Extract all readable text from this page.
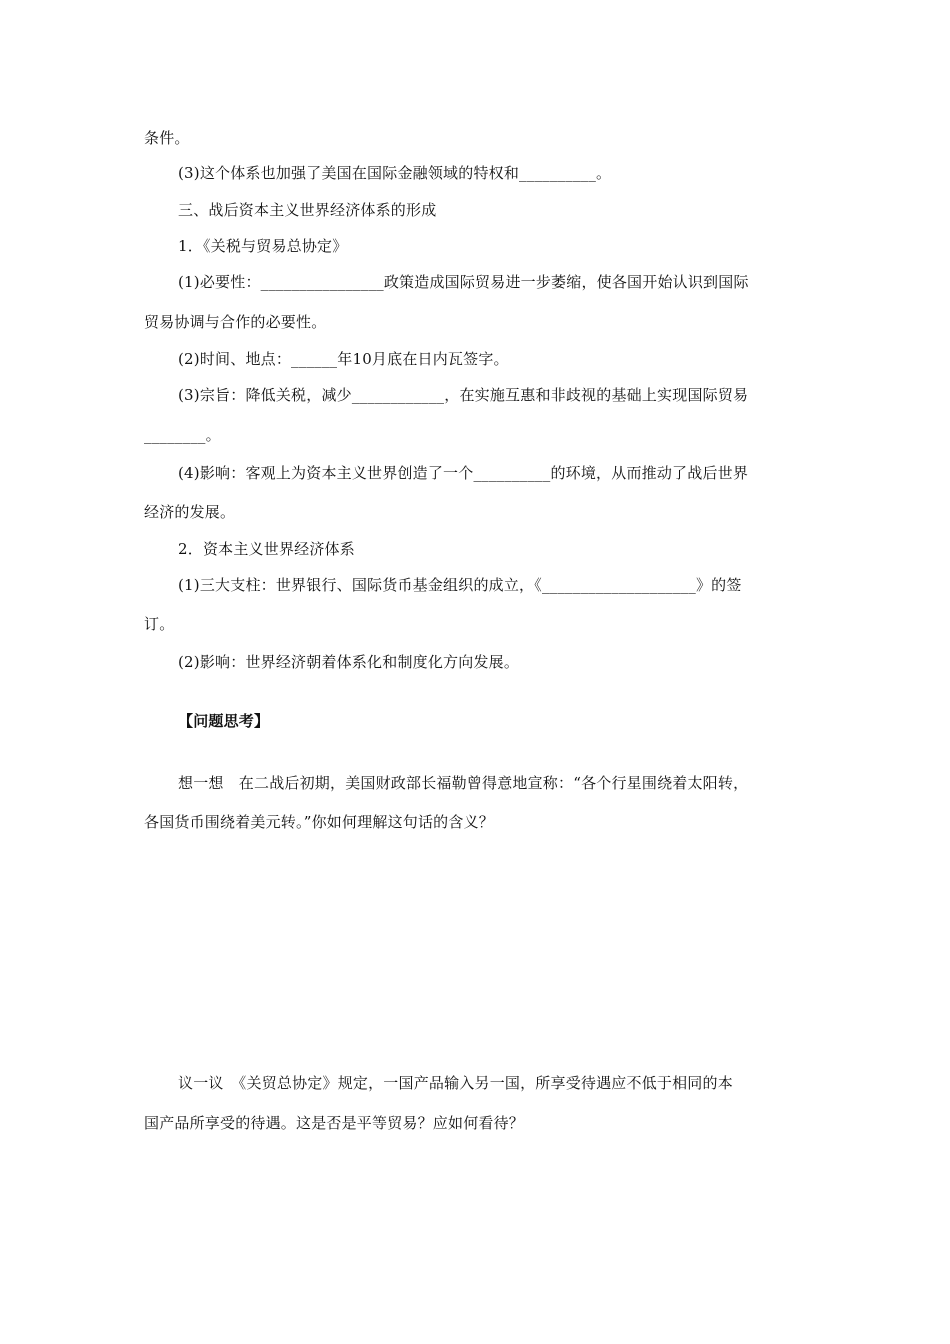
条件。
(3)这个体系也加强了美国在国际金融领域的特权和__________。
三、战后资本主义世界经济体系的形成
1．《关税与贸易总协定》
(1)必要性：________________政策造成国际贸易进一步萎缩，使各国开始认识到国际
贸易协调与合作的必要性。
(2)时间、地点：______年10月底在日内瓦签字。
(3)宗旨：降低关税，减少____________，在实施互惠和非歧视的基础上实现国际贸易
________。
(4)影响：客观上为资本主义世界创造了一个__________的环境，从而推动了战后世界
经济的发展。
2．资本主义世界经济体系
(1)三大支柱：世界银行、国际货币基金组织的成立，《____________________》的签
订。
(2)影响：世界经济朝着体系化和制度化方向发展。
【问题思考】
想一想　在二战后初期，美国财政部长福勒曾得意地宣称：“各个行星围绕着太阳转，
各国货币围绕着美元转。”你如何理解这句话的含义？
议一议　《关贸总协定》规定，一国产品输入另一国，所享受待遇应不低于相同的本
国产品所享受的待遇。这是否是平等贸易？应如何看待？
